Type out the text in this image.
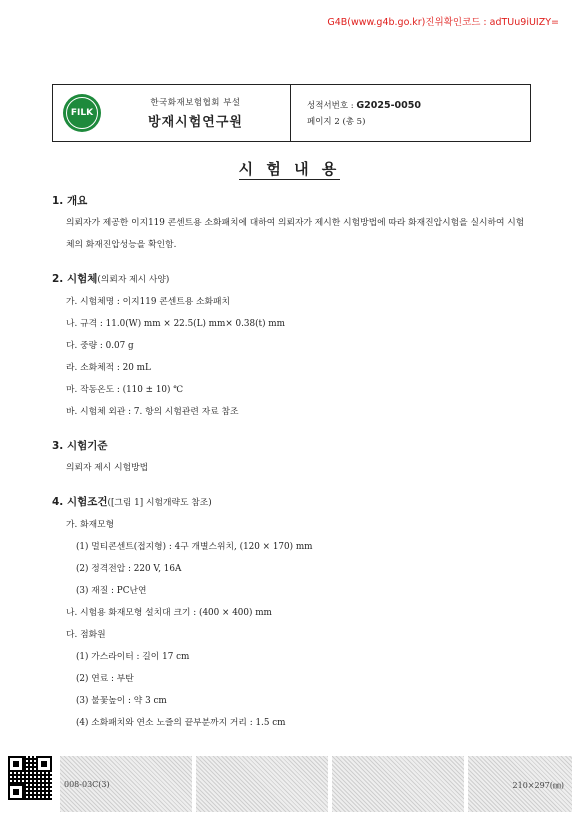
G4B(www.g4b.go.kr)진위확인코드 : adTUu9iUIZY=
FILK
한국화재보험협회 부설
방재시험연구원
성적서번호 : G2025-0050
페이지 2 (총 5)
시 험 내 용
1. 개요
의뢰자가 제공한 이지119 콘센트용 소화패치에 대하여 의뢰자가 제시한 시험방법에 따라 화재진압시험을 실시하여 시험체의 화재진압성능을 확인함.
2. 시험체(의뢰자 제시 사양)
가. 시험체명 : 이지119 콘센트용 소화패치
나. 규격 : 11.0(W) mm × 22.5(L) mm× 0.38(t) mm
다. 중량 : 0.07 g
라. 소화체적 : 20 mL
마. 작동온도 : (110 ± 10) ℃
바. 시험체 외관 : 7. 항의 시험관련 자료 참조
3. 시험기준
의뢰자 제시 시험방법
4. 시험조건([그림 1] 시험개략도 참조)
가. 화재모형
(1) 멀티콘센트(접지형) : 4구 개별스위치, (120 × 170) mm
(2) 정격전압 : 220 V, 16A
(3) 재질 : PC난연
나. 시험용 화재모형 설치대 크기 : (400 × 400) mm
다. 점화원
(1) 가스라이터 : 길이 17 cm
(2) 연료 : 부탄
(3) 불꽃높이 : 약 3 cm
(4) 소화패치와 연소 노즐의 끝부분까지 거리 : 1.5 cm
008-03C(3)	210×297(㎜)
